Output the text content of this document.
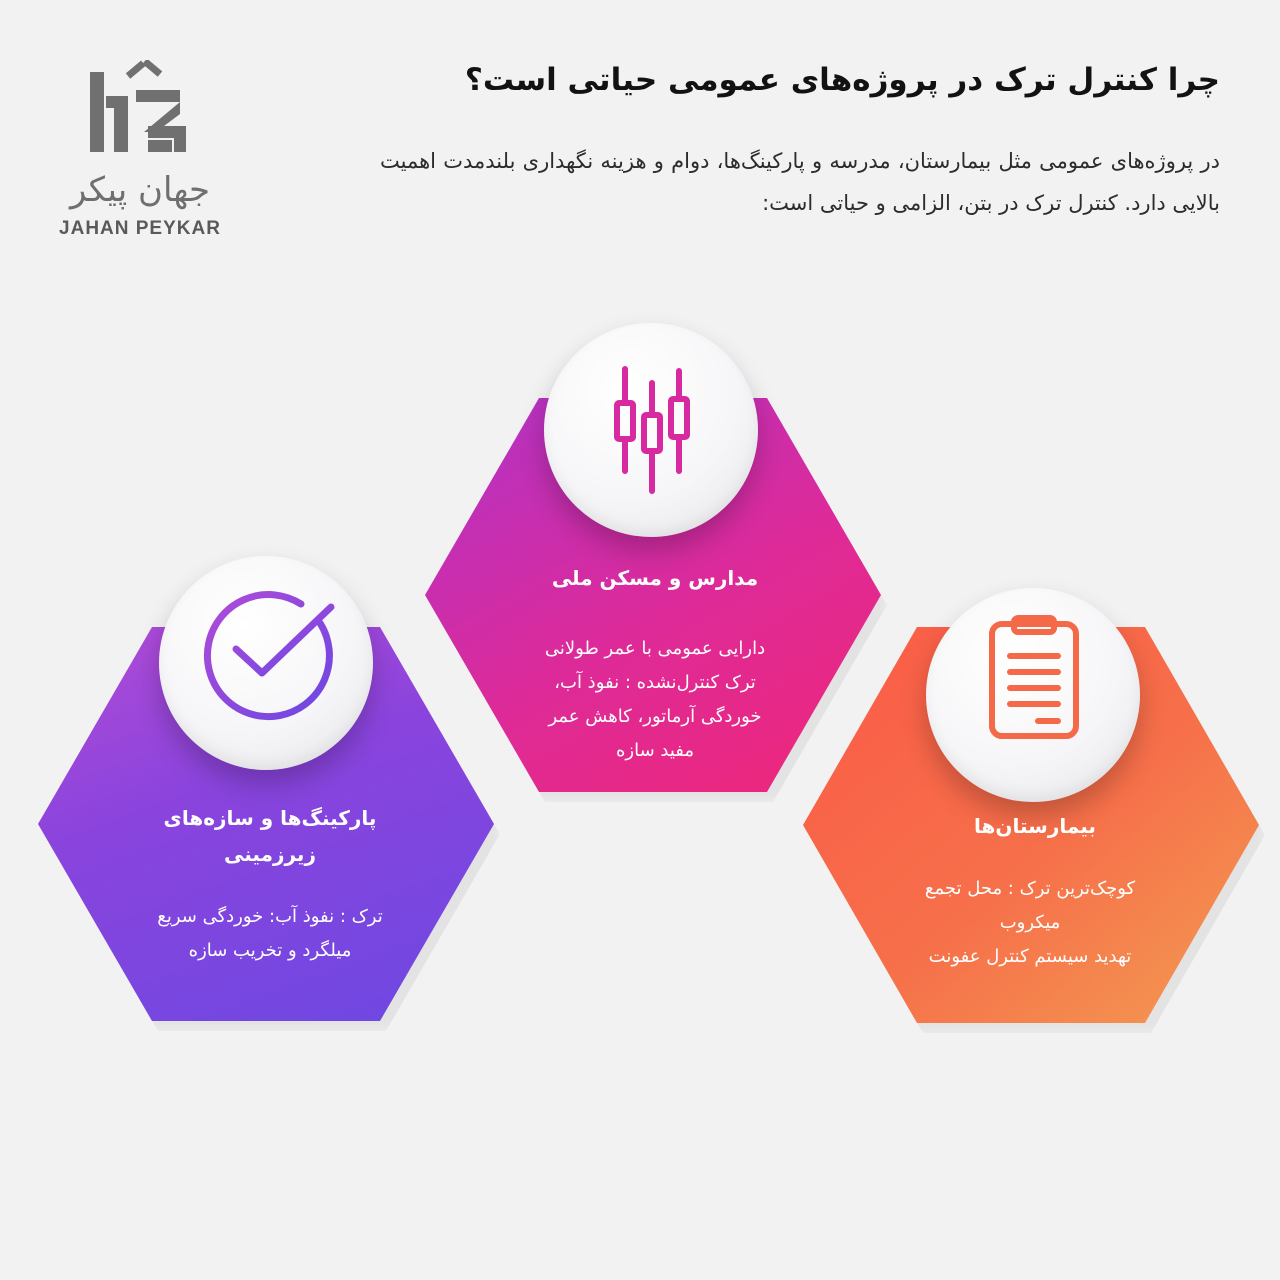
جهان پیکر
JAHAN PEYKAR
چرا کنترل ترک در پروژه‌های عمومی حیاتی است؟

در پروژه‌های عمومی مثل بیمارستان، مدرسه و پارکینگ‌ها، دوام و هزینه نگهداری بلندمدت اهمیت بالایی دارد. کنترل ترک در بتن، الزامی و حیاتی است:

پارکینگ‌ها و سازه‌های زیرزمینی
ترک : نفوذ آب: خوردگی سریع
میلگرد و تخریب سازه
مدارس و مسکن ملی
دارایی عمومی با عمر طولانی
ترک کنترل‌نشده : نفوذ آب،
خوردگی آرماتور، کاهش عمر
مفید سازه
بیمارستان‌ها
کوچک‌ترین ترک : محل تجمع
میکروب
تهدید سیستم کنترل عفونت
